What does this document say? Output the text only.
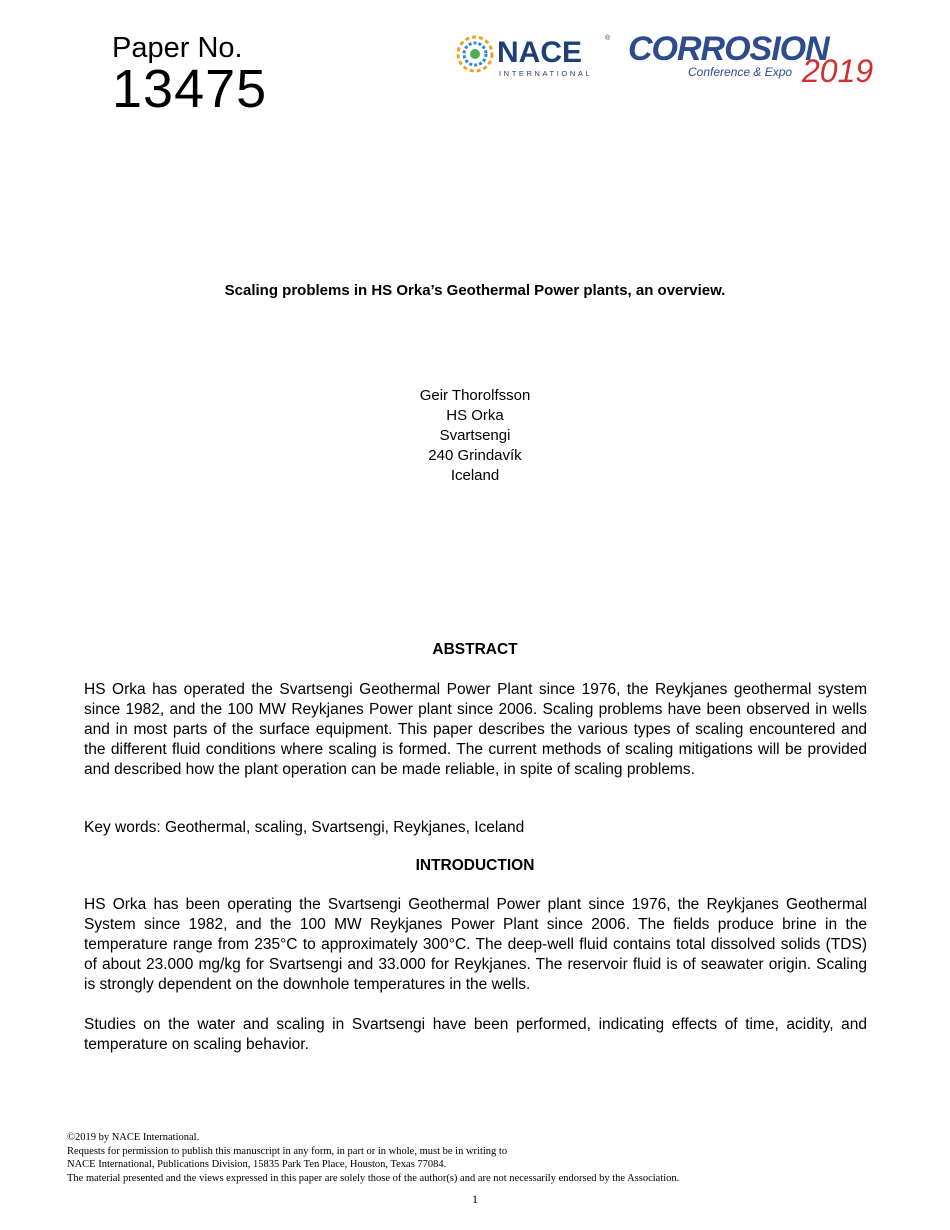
Paper No.
13475
NACE	®
INTERNATIONAL
CORROSION
Conference & Expo 2019
Scaling problems in HS Orka’s Geothermal Power plants, an overview.
Geir Thorolfsson
HS Orka
Svartsengi
240 Grindavík
Iceland
ABSTRACT
HS Orka has operated the Svartsengi Geothermal Power Plant since 1976, the Reykjanes geothermal system since 1982, and the 100 MW Reykjanes Power plant since 2006. Scaling problems have been observed in wells and in most parts of the surface equipment. This paper describes the various types of scaling encountered and the different fluid conditions where scaling is formed. The current methods of scaling mitigations will be provided and described how the plant operation can be made reliable, in spite of scaling problems.
Key words: Geothermal, scaling, Svartsengi, Reykjanes, Iceland
INTRODUCTION
HS Orka has been operating the Svartsengi Geothermal Power plant since 1976, the Reykjanes Geothermal System since 1982, and the 100 MW Reykjanes Power Plant since 2006. The fields produce brine in the temperature range from 235°C to approximately 300°C. The deep-well fluid contains total dissolved solids (TDS) of about 23.000 mg/kg for Svartsengi and 33.000 for Reykjanes. The reservoir fluid is of seawater origin. Scaling is strongly dependent on the downhole temperatures in the wells.
Studies on the water and scaling in Svartsengi have been performed, indicating effects of time, acidity, and temperature on scaling behavior.
©2019 by NACE International.
Requests for permission to publish this manuscript in any form, in part or in whole, must be in writing to
NACE International, Publications Division, 15835 Park Ten Place, Houston, Texas 77084.
The material presented and the views expressed in this paper are solely those of the author(s) and are not necessarily endorsed by the Association.
1
